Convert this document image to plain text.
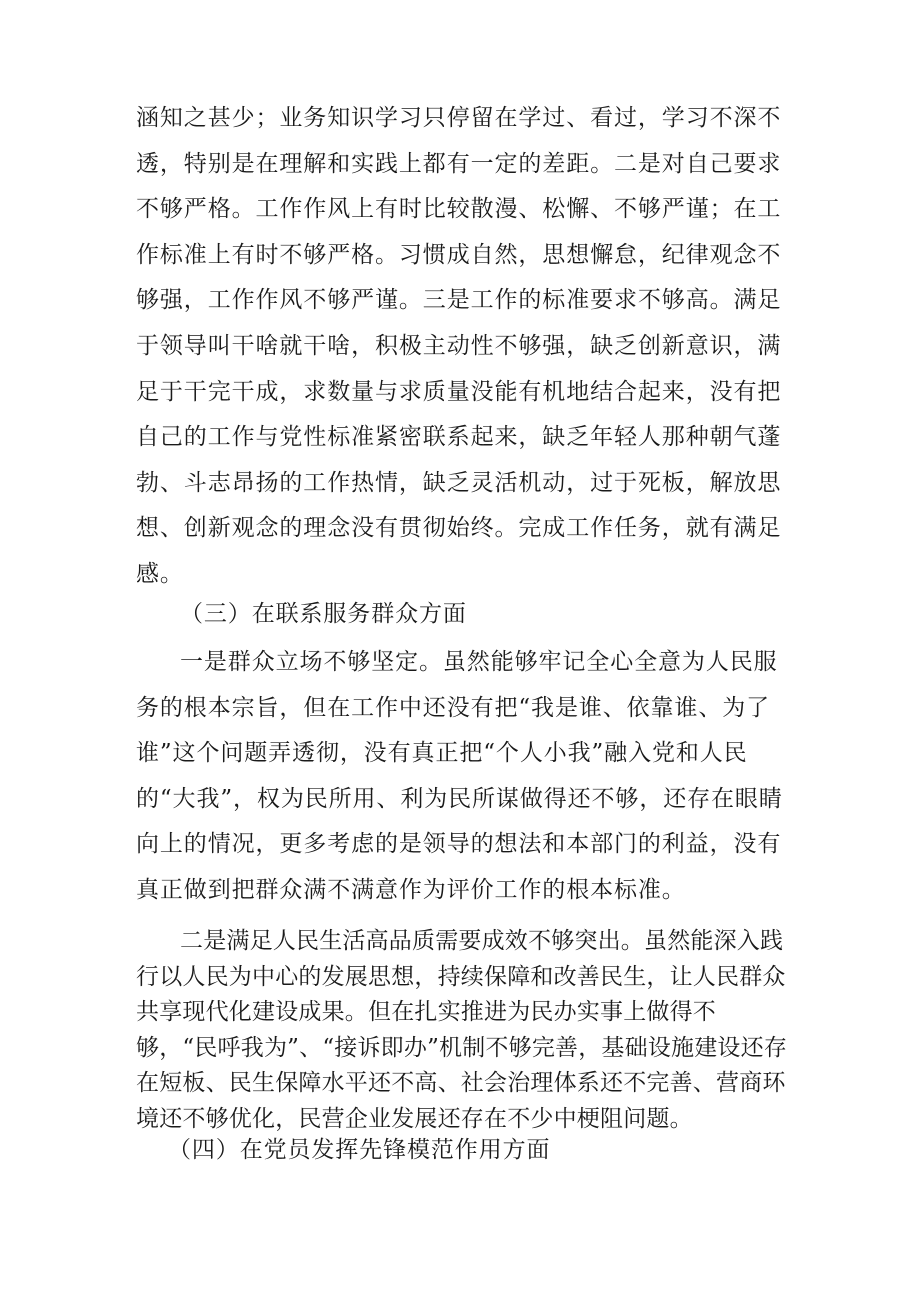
涵知之甚少；业务知识学习只停留在学过、看过，学习不深不透，特别是在理解和实践上都有一定的差距。二是对自己要求不够严格。工作作风上有时比较散漫、松懈、不够严谨；在工作标准上有时不够严格。习惯成自然，思想懈怠，纪律观念不够强，工作作风不够严谨。三是工作的标准要求不够高。满足于领导叫干啥就干啥，积极主动性不够强，缺乏创新意识，满足于干完干成，求数量与求质量没能有机地结合起来，没有把自己的工作与党性标准紧密联系起来，缺乏年轻人那种朝气蓬勃、斗志昂扬的工作热情，缺乏灵活机动，过于死板，解放思想、创新观念的理念没有贯彻始终。完成工作任务，就有满足感。

（三）在联系服务群众方面

一是群众立场不够坚定。虽然能够牢记全心全意为人民服务的根本宗旨，但在工作中还没有把“我是谁、依靠谁、为了谁”这个问题弄透彻，没有真正把“个人小我”融入党和人民的“大我”，权为民所用、利为民所谋做得还不够，还存在眼睛向上的情况，更多考虑的是领导的想法和本部门的利益，没有真正做到把群众满不满意作为评价工作的根本标准。

二是满足人民生活高品质需要成效不够突出。虽然能深入践行以人民为中心的发展思想，持续保障和改善民生，让人民群众共享现代化建设成果。但在扎实推进为民办实事上做得不够，“民呼我为”、“接诉即办”机制不够完善，基础设施建设还存在短板、民生保障水平还不高、社会治理体系还不完善、营商环境还不够优化，民营企业发展还存在不少中梗阻问题。

（四）在党员发挥先锋模范作用方面
